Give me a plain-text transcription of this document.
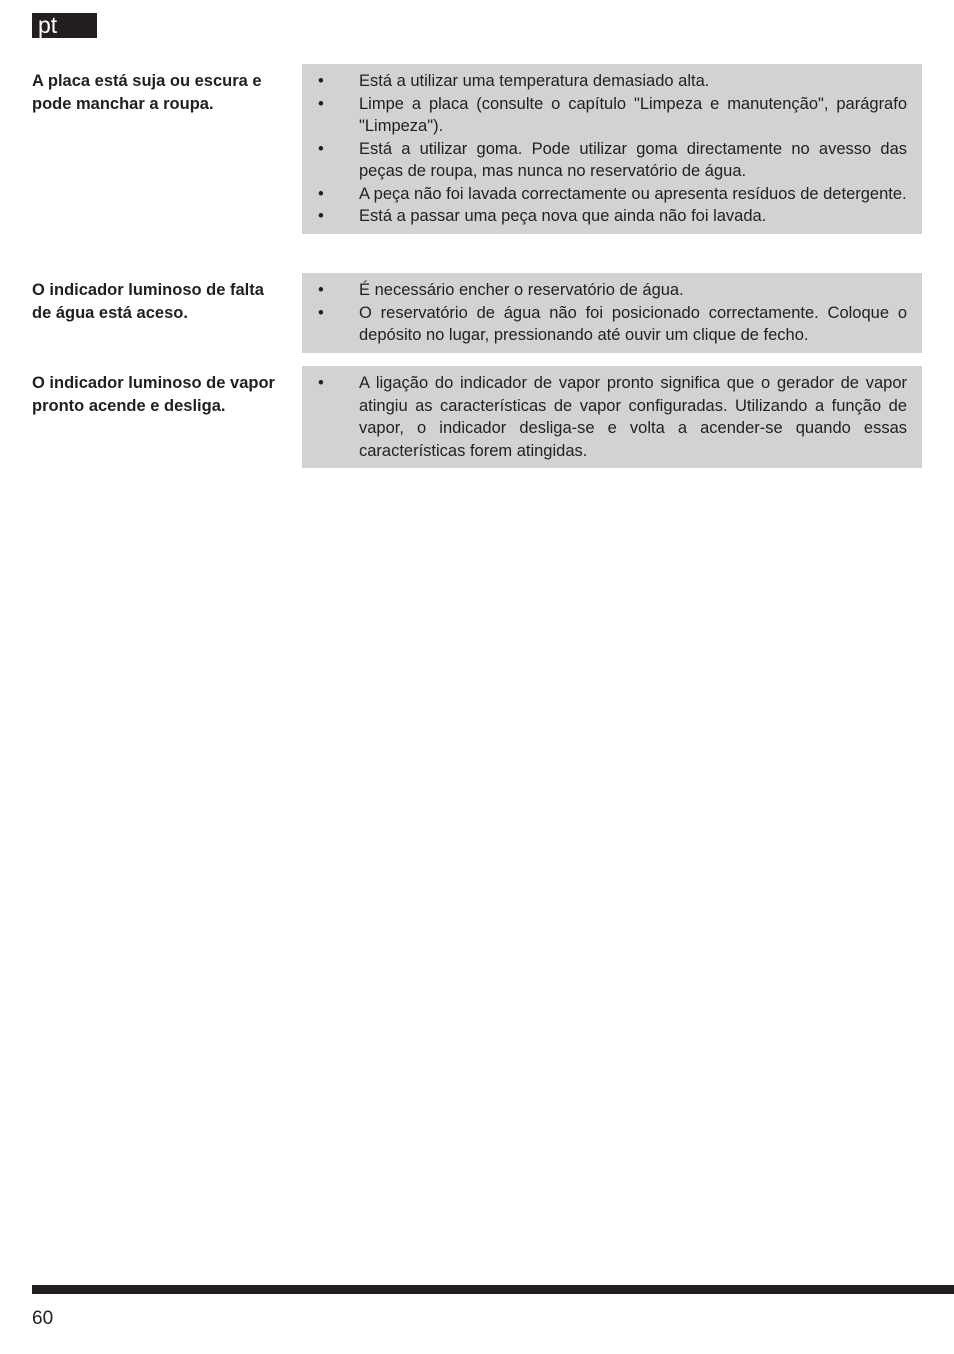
pt
A placa está suja ou escura e pode manchar a roupa.
• Está a utilizar uma temperatura demasiado alta.
• Limpe a placa (consulte o capítulo "Limpeza e manutenção", parágrafo "Limpeza").
• Está a utilizar goma. Pode utilizar goma directamente no avesso das peças de roupa, mas nunca no reservatório de água.
• A peça não foi lavada correctamente ou apresenta resíduos de detergente.
• Está a passar uma peça nova que ainda não foi lavada.
O indicador luminoso de falta de água está aceso.
• É necessário encher o reservatório de água.
• O reservatório de água não foi posicionado correctamente. Coloque o depósito no lugar, pressionando até ouvir um clique de fecho.
O indicador luminoso de vapor pronto acende e desliga.
• A ligação do indicador de vapor pronto significa que o gerador de vapor atingiu as características de vapor configuradas. Utilizando a função de vapor, o indicador desliga-se e volta a acender-se quando essas características forem atingidas.
60
